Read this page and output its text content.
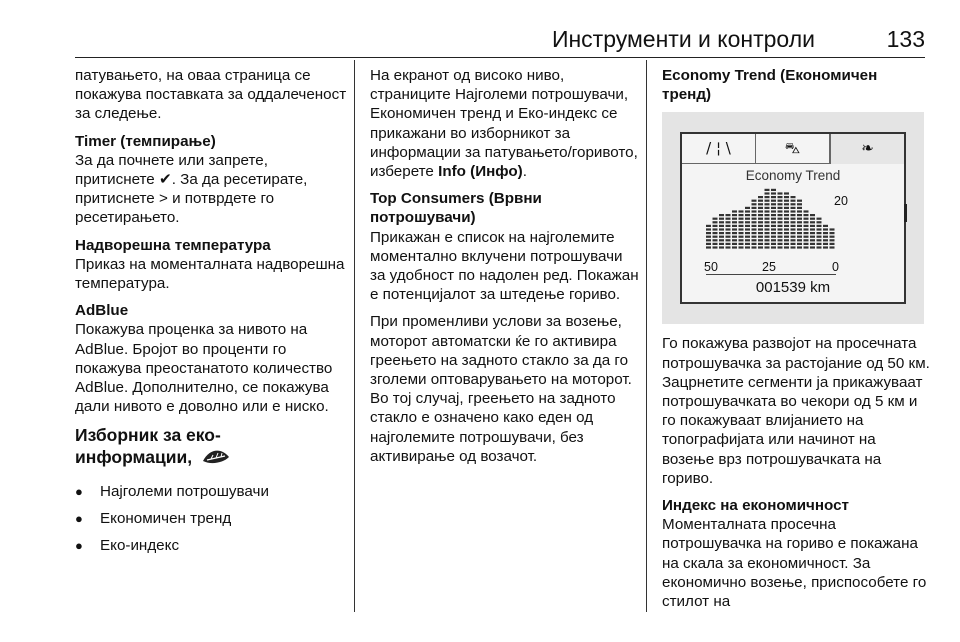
Инструменти и контроли	133

патувањето, на оваа страница се покажува поставката за оддалеченост за следење.

Timer (темпирање)
За да почнете или запрете, притиснете ✔. За да ресетирате, притиснете > и потврдете го ресетирањето.

Надворешна температура
Приказ на моменталната надворешна температура.

AdBlue
Покажува проценка за нивото на AdBlue. Бројот во проценти го покажува преостанатото количество AdBlue. Дополнително, се покажува дали нивото е доволно или е ниско.

Изборник за еко-
информации,
● Најголеми потрошувачи
● Економичен тренд
● Еко-индекс

На екранот од високо ниво, страниците Најголеми потрошувачи, Економичен тренд и Еко-индекс се прикажани во изборникот за информации за патувањето/горивото, изберете Info (Инфо).

Top Consumers (Врвни потрошувачи)
Прикажан е список на најголемите моментално вклучени потрошувачи за удобност по надолен ред. Покажан е потенцијалот за штедење гориво.

При променливи услови за возење, моторот автоматски ќе го активира греењето на задното стакло за да го зголеми оптоварувањето на моторот. Во тој случај, греењето на задното стакло е означено како еден од најголемите потрошувачи, без активирање од возачот.

Economy Trend (Економичен тренд)
/ ¦ \	⛍	❧
Economy Trend
20
50	25	0
001539 km

Го покажува развојот на просечната потрошувачка за растојание од 50 км. Зацрнетите сегменти ја прикажуваат потрошувачката во чекори од 5 км и го покажуваат влијанието на топографијата или начинот на возење врз потрошувачката на гориво.

Индекс на економичност
Моменталната просечна потрошувачка на гориво е покажана на скала за економичност. За економично возење, приспособете го стилот на
